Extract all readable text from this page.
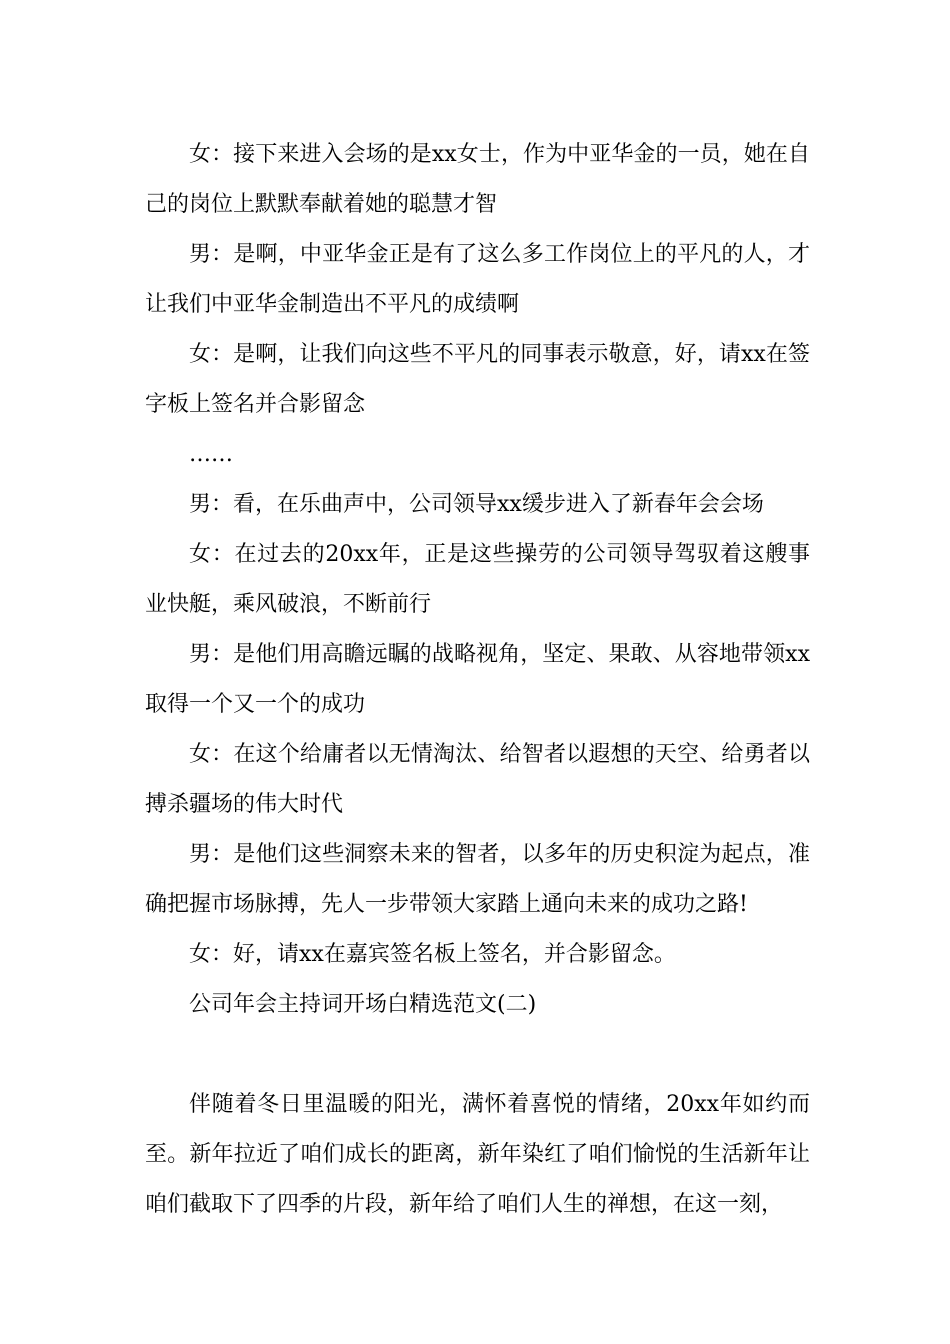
女：接下来进入会场的是xx女士，作为中亚华金的一员，她在自己的岗位上默默奉献着她的聪慧才智

男：是啊，中亚华金正是有了这么多工作岗位上的平凡的人，才让我们中亚华金制造出不平凡的成绩啊

女：是啊，让我们向这些不平凡的同事表示敬意，好，请xx在签字板上签名并合影留念

……

男：看，在乐曲声中，公司领导xx缓步进入了新春年会会场

女：在过去的20xx年，正是这些操劳的公司领导驾驭着这艘事业快艇，乘风破浪，不断前行

男：是他们用高瞻远瞩的战略视角，坚定、果敢、从容地带领xx取得一个又一个的成功

女：在这个给庸者以无情淘汰、给智者以遐想的天空、给勇者以搏杀疆场的伟大时代

男：是他们这些洞察未来的智者，以多年的历史积淀为起点，准确把握市场脉搏，先人一步带领大家踏上通向未来的成功之路!

女：好，请xx在嘉宾签名板上签名，并合影留念。

公司年会主持词开场白精选范文(二)

伴随着冬日里温暖的阳光，满怀着喜悦的情绪，20xx年如约而至。新年拉近了咱们成长的距离，新年染红了咱们愉悦的生活新年让咱们截取下了四季的片段，新年给了咱们人生的禅想，在这一刻，
